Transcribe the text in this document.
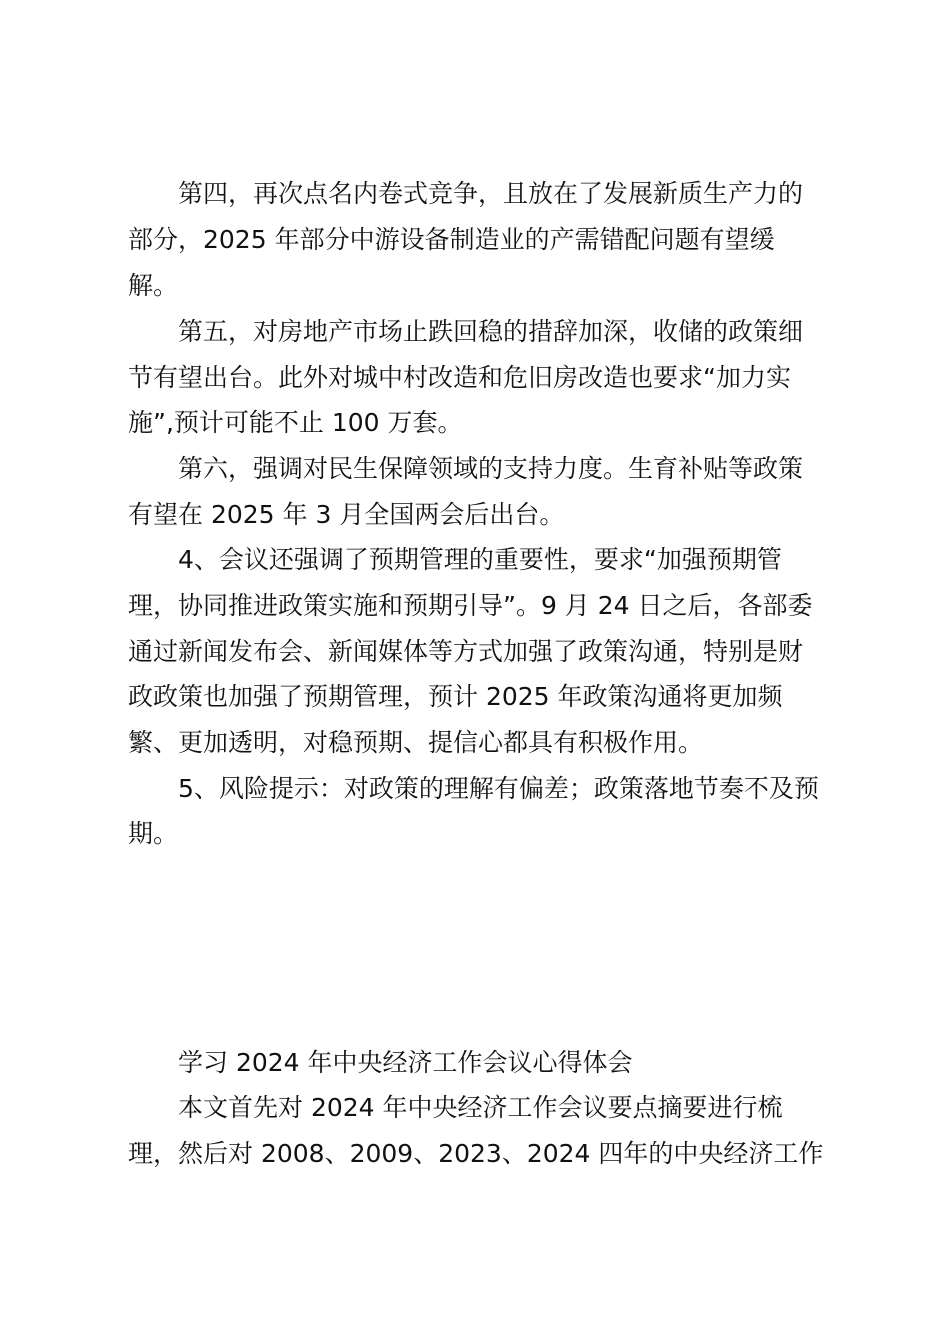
第四，再次点名内卷式竞争，且放在了发展新质生产力的
部分，2025 年部分中游设备制造业的产需错配问题有望缓
解。
第五，对房地产市场止跌回稳的措辞加深，收储的政策细
节有望出台。此外对城中村改造和危旧房改造也要求“加力实
施”,预计可能不止 100 万套。
第六，强调对民生保障领域的支持力度。生育补贴等政策
有望在 2025 年 3 月全国两会后出台。
4、会议还强调了预期管理的重要性，要求“加强预期管
理，协同推进政策实施和预期引导”。9 月 24 日之后，各部委
通过新闻发布会、新闻媒体等方式加强了政策沟通，特别是财
政政策也加强了预期管理，预计 2025 年政策沟通将更加频
繁、更加透明，对稳预期、提信心都具有积极作用。
5、风险提示：对政策的理解有偏差；政策落地节奏不及预
期。
学习 2024 年中央经济工作会议心得体会
本文首先对 2024 年中央经济工作会议要点摘要进行梳
理，然后对 2008、2009、2023、2024 四年的中央经济工作
